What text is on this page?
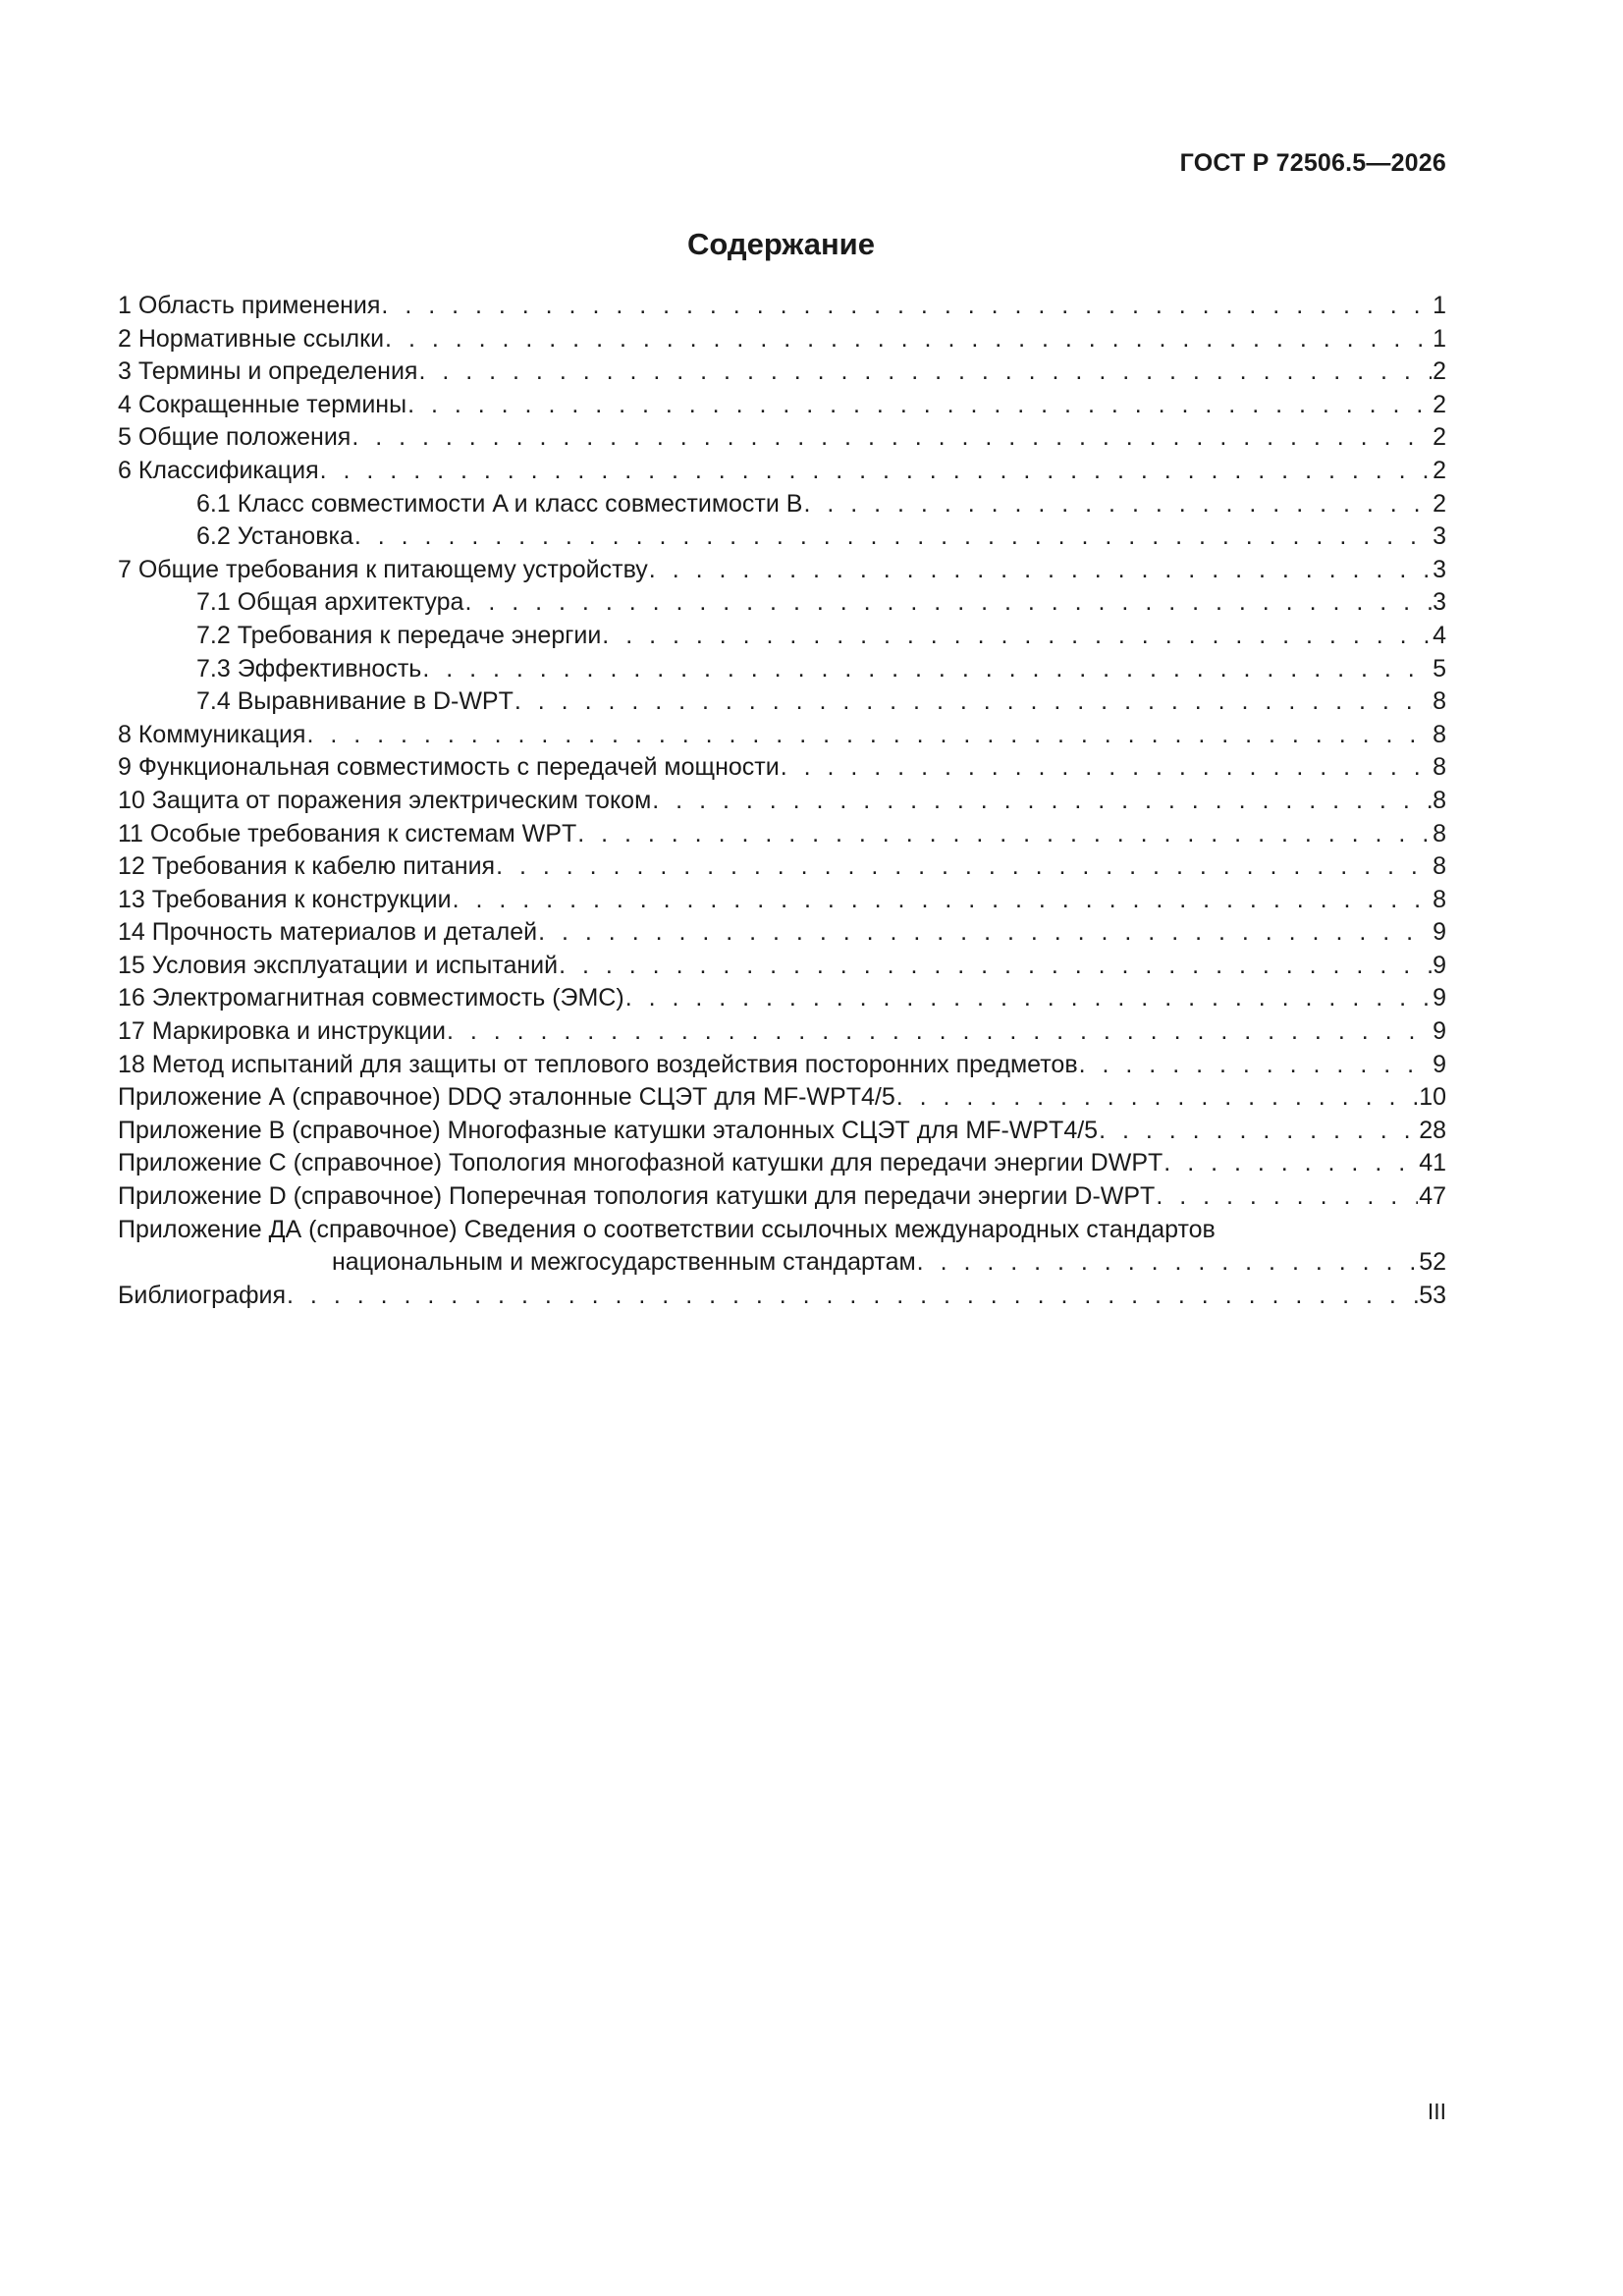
ГОСТ Р 72506.5—2026
Содержание
1 Область применения . . .	1
2 Нормативные ссылки . . .	1
3 Термины и определения . . .	2
4 Сокращенные термины . . .	2
5 Общие положения . . .	2
6 Классификация . . .	2
6.1 Класс совместимости A и класс совместимости B . . .	2
6.2 Установка . . .	3
7 Общие требования к питающему устройству . . .	3
7.1 Общая архитектура . . .	3
7.2 Требования к передаче энергии . . .	4
7.3 Эффективность . . .	5
7.4 Выравнивание в D-WPT . . .	8
8 Коммуникация . . .	8
9 Функциональная совместимость с передачей мощности . . .	8
10 Защита от поражения электрическим током . . .	8
11 Особые требования к системам WPT . . .	8
12 Требования к кабелю питания . . .	8
13 Требования к конструкции . . .	8
14 Прочность материалов и деталей . . .	9
15 Условия эксплуатации и испытаний . . .	9
16 Электромагнитная совместимость (ЭМС) . . .	9
17 Маркировка и инструкции . . .	9
18 Метод испытаний для защиты от теплового воздействия посторонних предметов . . .	9
Приложение А (справочное) DDQ эталонные СЦЭТ для MF-WPT4/5 . . .	10
Приложение В (справочное) Многофазные катушки эталонных СЦЭТ для MF-WPT4/5 . . .	28
Приложение С (справочное) Топология многофазной катушки для передачи энергии DWPT . . .	41
Приложение D (справочное) Поперечная топология катушки для передачи энергии D-WPT . . .	47
Приложение ДА (справочное) Сведения о соответствии ссылочных международных стандартов
национальным и межгосударственным стандартам . . .	52
Библиография . . .	53
III
